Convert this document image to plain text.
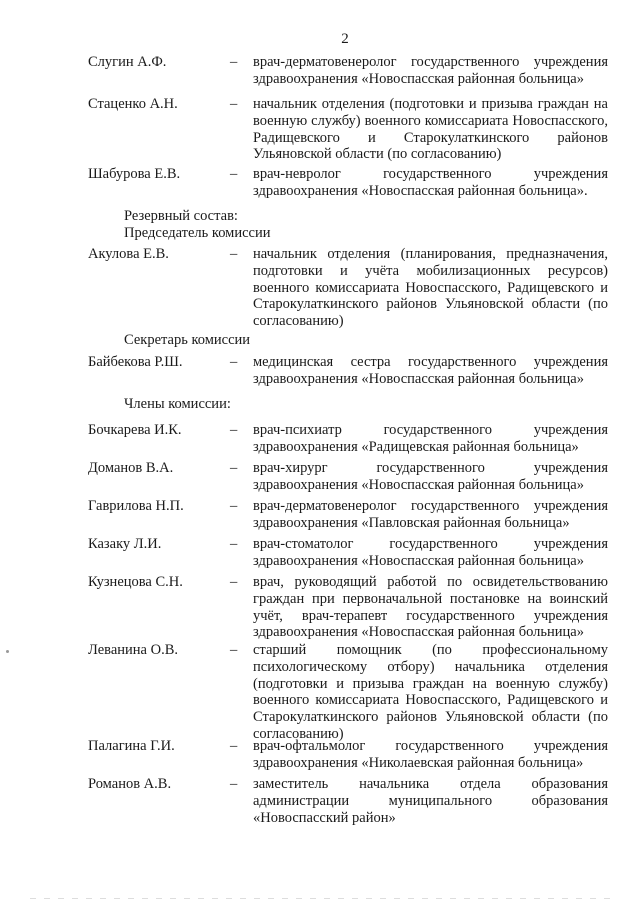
2
Слугин А.Ф.	– врач-дерматовенеролог государственного учреждения здравоохранения «Новоспасская районная больница»
Стаценко А.Н.	– начальник отделения (подготовки и призыва граждан на военную службу) военного комиссариата Новоспасского, Радищевского и Старокулаткинского районов Ульяновской области (по согласованию)
Шабурова Е.В.	– врач-невролог государственного учреждения здравоохранения «Новоспасская районная больница».
Резервный состав:
Председатель комиссии
Акулова Е.В.	– начальник отделения (планирования, предназначения, подготовки и учёта мобилизационных ресурсов) военного комиссариата Новоспасского, Радищевского и Старокулаткинского районов Ульяновской области (по согласованию)
Секретарь комиссии
Байбекова Р.Ш.	– медицинская сестра государственного учреждения здравоохранения «Новоспасская районная больница»
Члены комиссии:
Бочкарева И.К.	– врач-психиатр государственного учреждения здравоохранения «Радищевская районная больница»
Доманов В.А.	– врач-хирург государственного учреждения здравоохранения «Новоспасская районная больница»
Гаврилова Н.П.	– врач-дерматовенеролог государственного учреждения здравоохранения «Павловская районная больница»
Казаку Л.И.	– врач-стоматолог государственного учреждения здравоохранения «Новоспасская районная больница»
Кузнецова С.Н.	– врач, руководящий работой по освидетельствованию граждан при первоначальной постановке на воинский учёт, врач-терапевт государственного учреждения здравоохранения «Новоспасская районная больница»
Леванина О.В.	– старший помощник (по профессиональному психологическому отбору) начальника отделения (подготовки и призыва граждан на военную службу) военного комиссариата Новоспасского, Радищевского и Старокулаткинского районов Ульяновской области (по согласованию)
Палагина Г.И.	– врач-офтальмолог государственного учреждения здравоохранения «Николаевская районная больница»
Романов А.В.	– заместитель начальника отдела образования администрации муниципального образования «Новоспасский район»
